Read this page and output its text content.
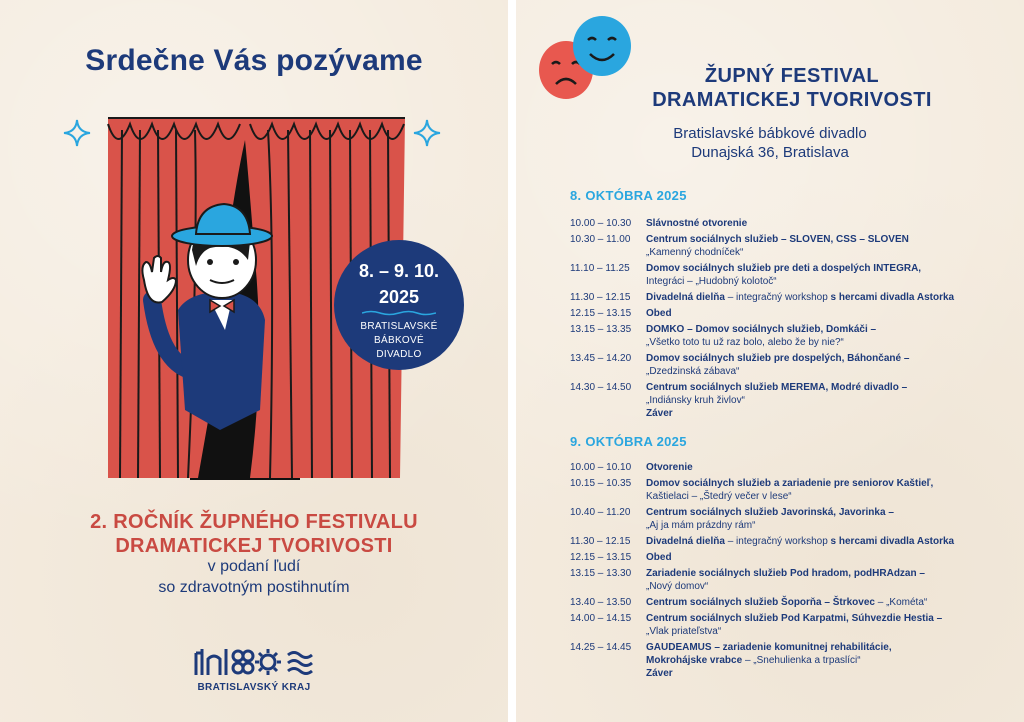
Srdečne Vás pozývame
8. – 9. 10.
2025
BRATISLAVSKÉ
BÁBKOVÉ
DIVADLO
2. ROČNÍK ŽUPNÉHO FESTIVALU
DRAMATICKEJ TVORIVOSTI
v podaní ľudí
so zdravotným postihnutím
BRATISLAVSKÝ KRAJ
ŽUPNÝ FESTIVAL
DRAMATICKEJ TVORIVOSTI
Bratislavské bábkové divadlo
Dunajská 36, Bratislava
8. OKTÓBRA 2025
10.00 – 10.30	Slávnostné otvorenie
10.30 – 11.00	Centrum sociálnych služieb – SLOVEN, CSS – SLOVEN
„Kamenný chodníček“
11.10 – 11.25	Domov sociálnych služieb pre deti a dospelých INTEGRA,
Integráci – „Hudobný kolotoč“
11.30 – 12.15	Divadelná dielňa – integračný workshop s hercami divadla Astorka
12.15 – 13.15	Obed
13.15 – 13.35	DOMKO – Domov sociálnych služieb, Domkáči –
„Všetko toto tu už raz bolo, alebo že by nie?“
13.45 – 14.20	Domov sociálnych služieb pre dospelých, Báhončané –
„Dzedzinská zábava“
14.30 – 14.50	Centrum sociálnych služieb MEREMA, Modré divadlo –
„Indiánsky kruh živlov“
Záver
9. OKTÓBRA 2025
10.00 – 10.10	Otvorenie
10.15 – 10.35	Domov sociálnych služieb a zariadenie pre seniorov Kaštieľ,
Kaštielaci – „Štedrý večer v lese“
10.40 – 11.20	Centrum sociálnych služieb Javorinská, Javorinka –
„Aj ja mám prázdny rám“
11.30 – 12.15	Divadelná dielňa – integračný workshop s hercami divadla Astorka
12.15 – 13.15	Obed
13.15 – 13.30	Zariadenie sociálnych služieb Pod hradom, podHRAdzan –
„Nový domov“
13.40 – 13.50	Centrum sociálnych služieb Šoporňa – Štrkovec – „Kométa“
14.00 – 14.15	Centrum sociálnych služieb Pod Karpatmi, Súhvezdie Hestia –
„Vlak priateľstva“
14.25 – 14.45	GAUDEAMUS – zariadenie komunitnej rehabilitácie,
Mokrohájske vrabce – „Snehulienka a trpaslíci“
Záver
